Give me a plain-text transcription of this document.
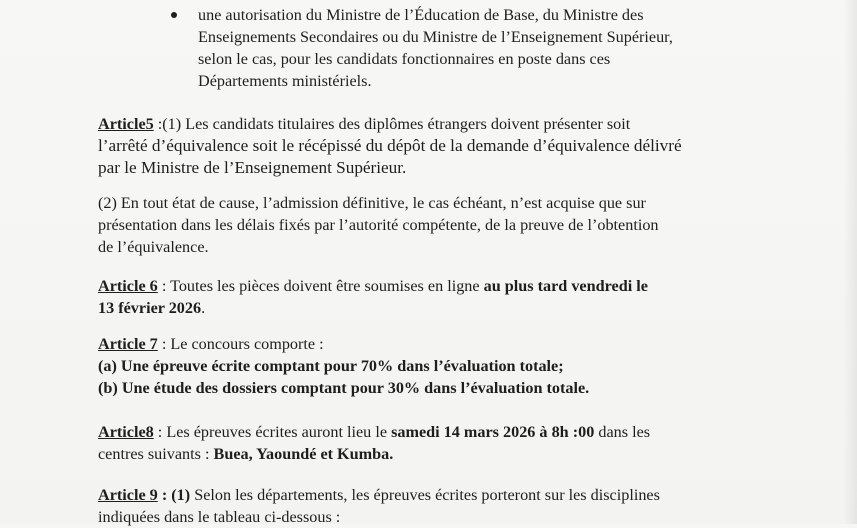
une autorisation du Ministre de l’Éducation de Base, du Ministre des
Enseignements Secondaires ou du Ministre de l’Enseignement Supérieur,
selon le cas, pour les candidats fonctionnaires en poste dans ces
Départements ministériels.
Article5 :(1) Les candidats titulaires des diplômes étrangers doivent présenter soit
l’arrêté d’équivalence soit le récépissé du dépôt de la demande d’équivalence délivré
par le Ministre de l’Enseignement Supérieur.
(2) En tout état de cause, l’admission définitive, le cas échéant, n’est acquise que sur
présentation dans les délais fixés par l’autorité compétente, de la preuve de l’obtention
de l’équivalence.
Article 6 : Toutes les pièces doivent être soumises en ligne au plus tard vendredi le
13 février 2026.
Article 7 : Le concours comporte :
(a) Une épreuve écrite comptant pour 70% dans l’évaluation totale;
(b) Une étude des dossiers comptant pour 30% dans l’évaluation totale.
Article8 : Les épreuves écrites auront lieu le samedi 14 mars 2026 à 8h :00 dans les
centres suivants : Buea, Yaoundé et Kumba.
Article 9 : (1) Selon les départements, les épreuves écrites porteront sur les disciplines
indiquées dans le tableau ci-dessous :
